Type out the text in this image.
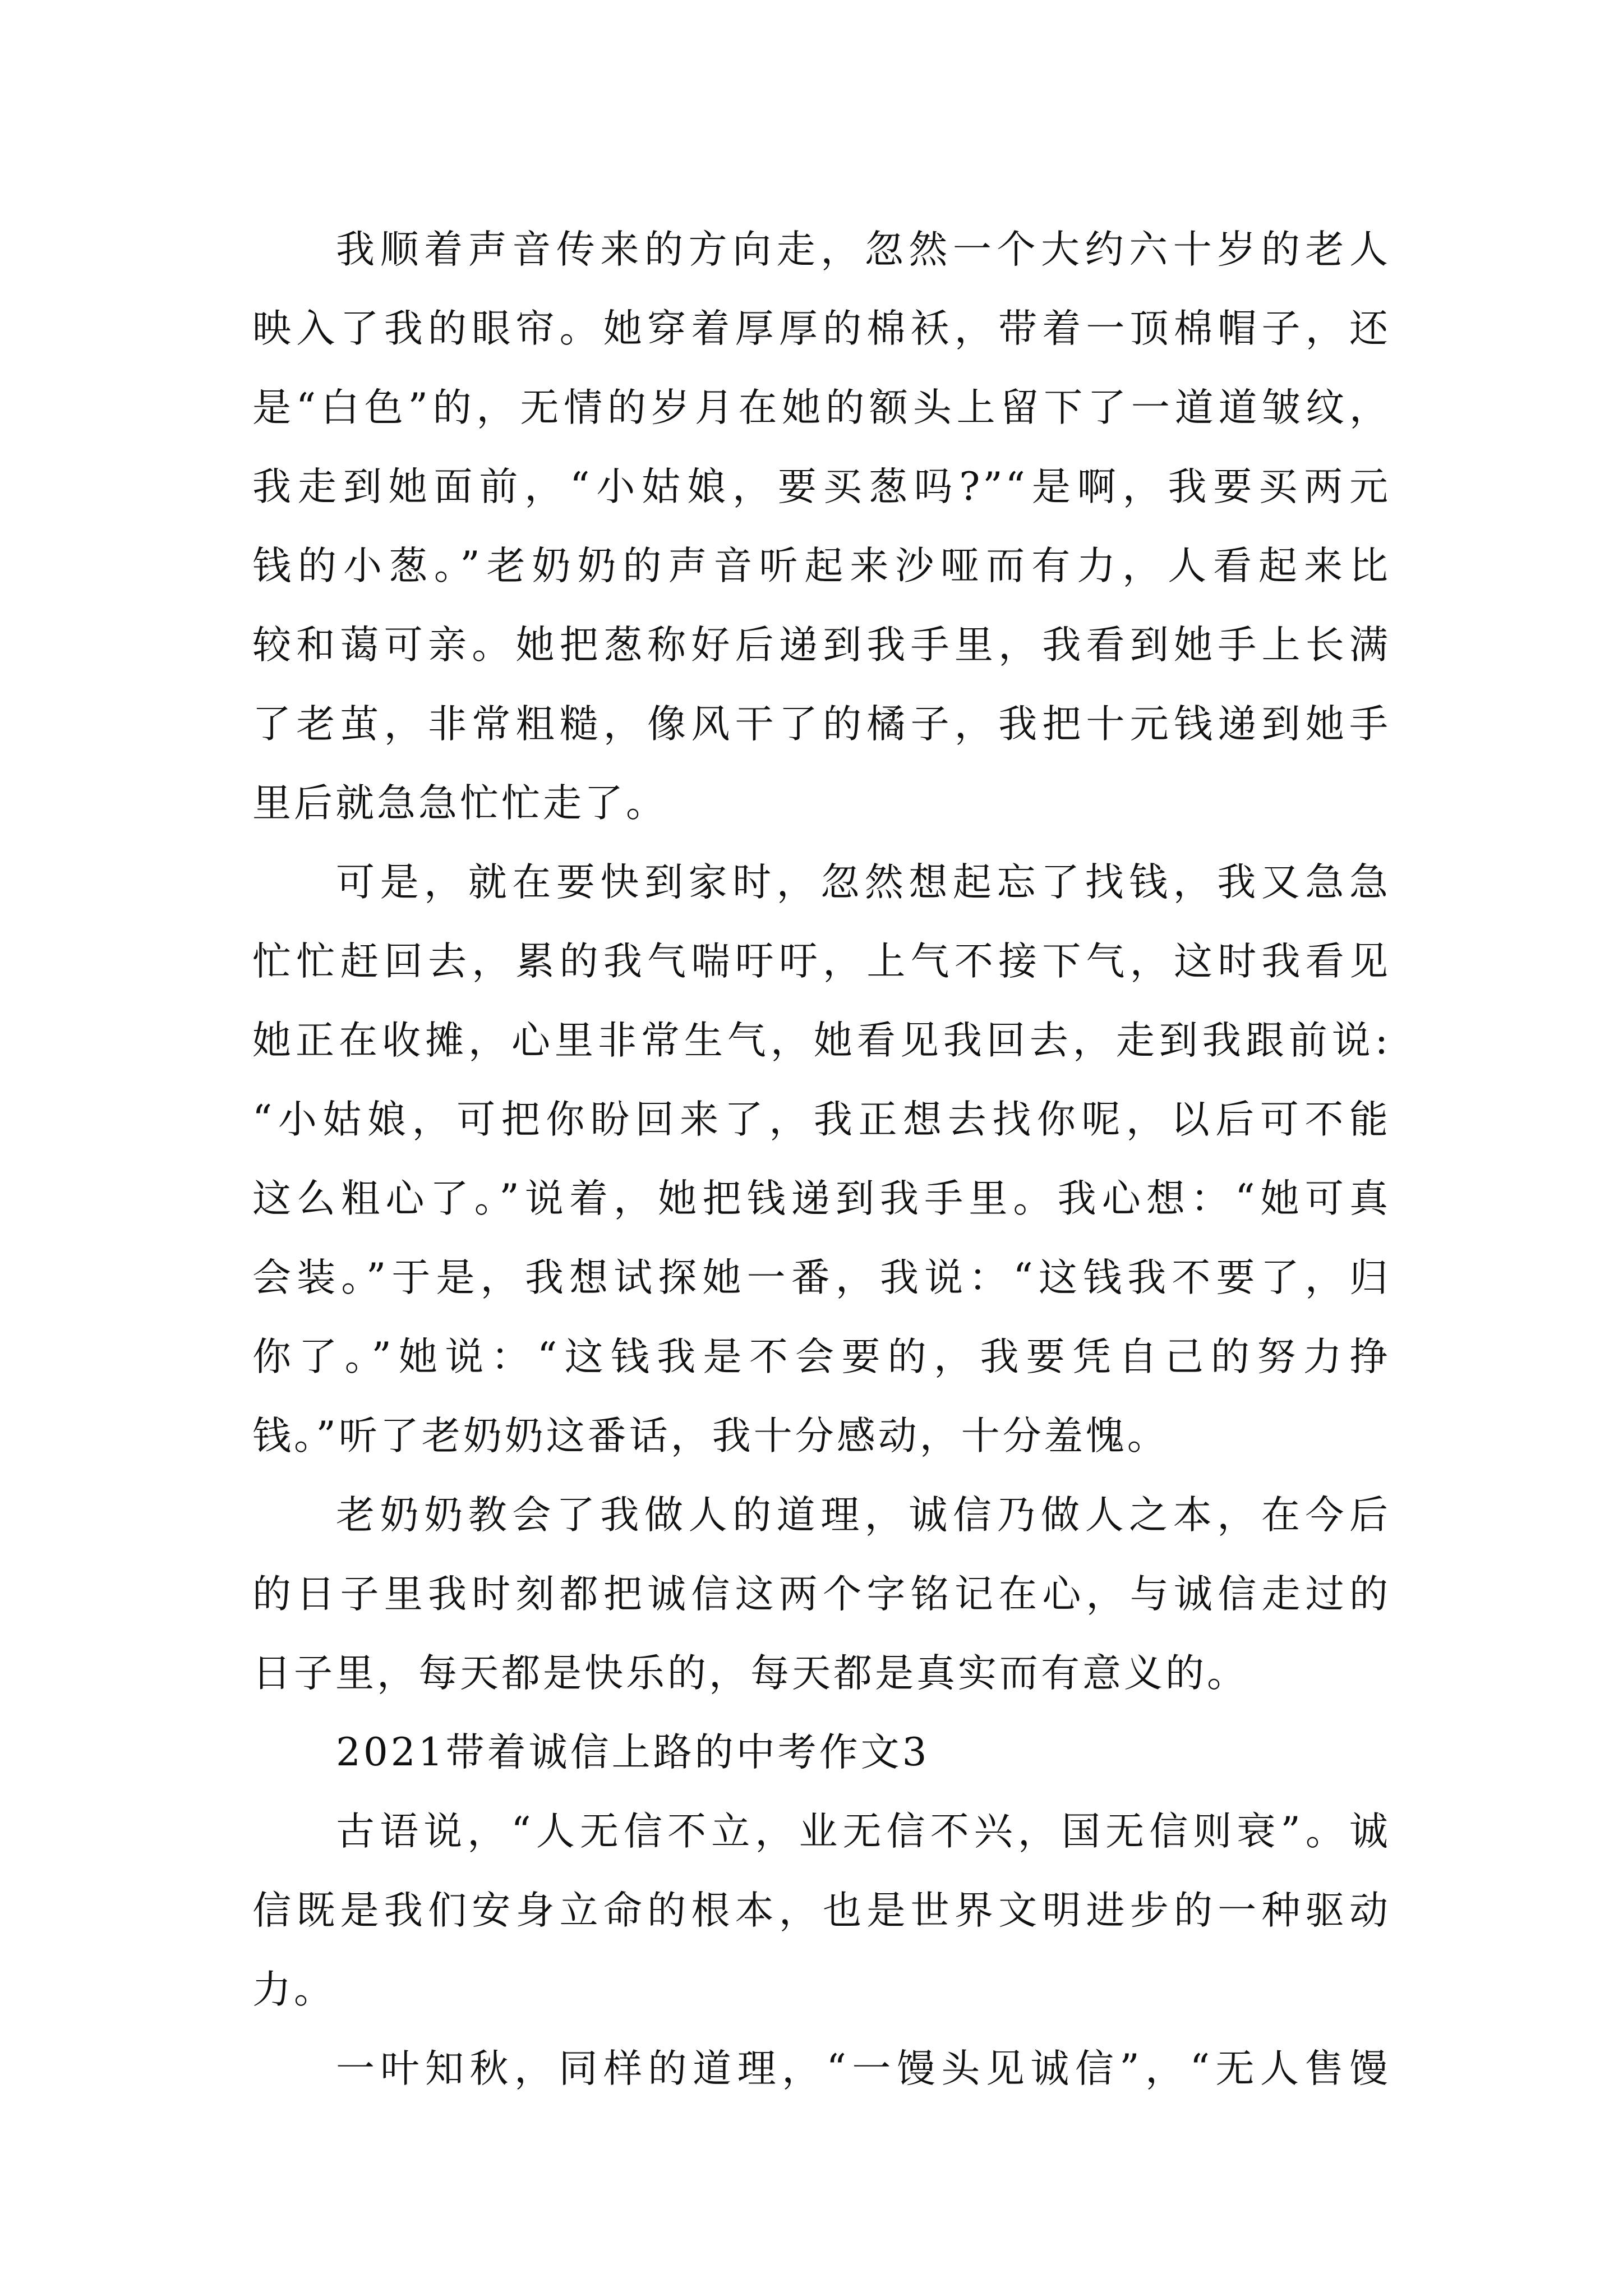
我顺着声音传来的方向走，忽然一个大约六十岁的老人
映入了我的眼帘。她穿着厚厚的棉袄，带着一顶棉帽子，还
是“白色”的，无情的岁月在她的额头上留下了一道道皱纹，
我走到她面前，“小姑娘，要买葱吗?”“是啊，我要买两元
钱的小葱。”老奶奶的声音听起来沙哑而有力，人看起来比
较和蔼可亲。她把葱称好后递到我手里，我看到她手上长满
了老茧，非常粗糙，像风干了的橘子，我把十元钱递到她手
里后就急急忙忙走了。
可是，就在要快到家时，忽然想起忘了找钱，我又急急
忙忙赶回去，累的我气喘吁吁，上气不接下气，这时我看见
她正在收摊，心里非常生气，她看见我回去，走到我跟前说:
“小姑娘，可把你盼回来了，我正想去找你呢，以后可不能
这么粗心了。”说着，她把钱递到我手里。我心想：“她可真
会装。”于是，我想试探她一番，我说：“这钱我不要了，归
你了。”她说：“这钱我是不会要的，我要凭自己的努力挣
钱。”听了老奶奶这番话，我十分感动，十分羞愧。
老奶奶教会了我做人的道理，诚信乃做人之本，在今后
的日子里我时刻都把诚信这两个字铭记在心，与诚信走过的
日子里，每天都是快乐的，每天都是真实而有意义的。
2021带着诚信上路的中考作文3
古语说，“人无信不立，业无信不兴，国无信则衰”。诚
信既是我们安身立命的根本，也是世界文明进步的一种驱动
力。
一叶知秋，同样的道理，“一馒头见诚信”，“无人售馒
